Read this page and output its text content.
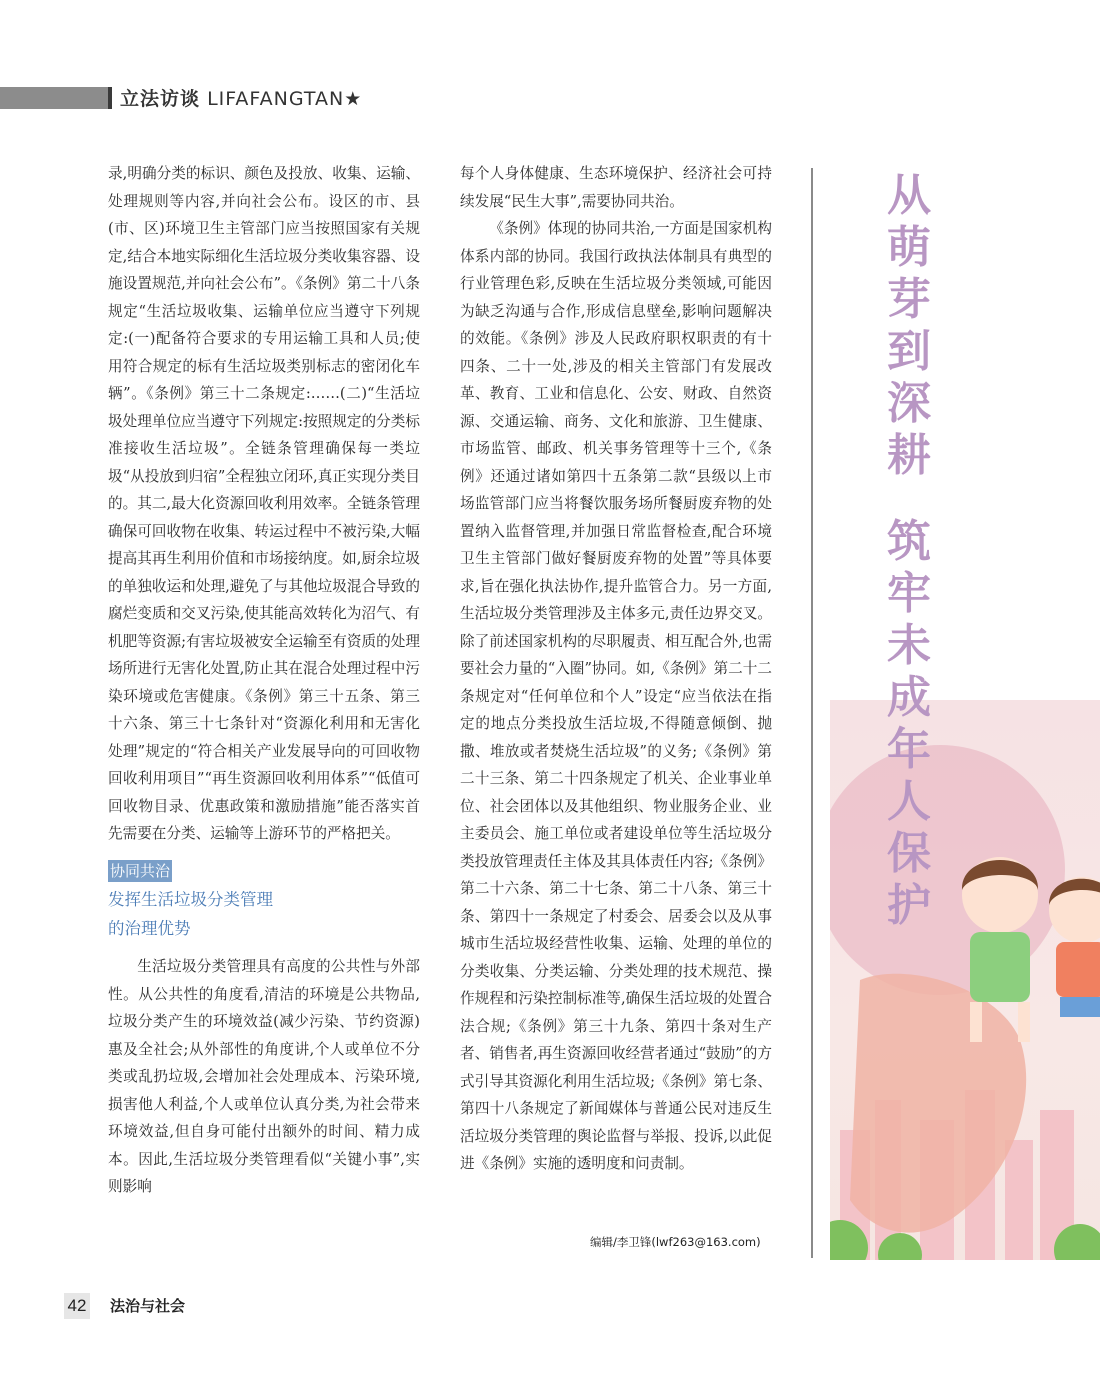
立法访谈 LIFAFANGTAN★

录,明确分类的标识、颜色及投放、收集、运输、处理规则等内容,并向社会公布。设区的市、县(市、区)环境卫生主管部门应当按照国家有关规定,结合本地实际细化生活垃圾分类收集容器、设施设置规范,并向社会公布”。《条例》第二十八条规定“生活垃圾收集、运输单位应当遵守下列规定:(一)配备符合要求的专用运输工具和人员;使用符合规定的标有生活垃圾类别标志的密闭化车辆”。《条例》第三十二条规定:……(二)“生活垃圾处理单位应当遵守下列规定:按照规定的分类标准接收生活垃圾”。全链条管理确保每一类垃圾“从投放到归宿”全程独立闭环,真正实现分类目的。其二,最大化资源回收利用效率。全链条管理确保可回收物在收集、转运过程中不被污染,大幅提高其再生利用价值和市场接纳度。如,厨余垃圾的单独收运和处理,避免了与其他垃圾混合导致的腐烂变质和交叉污染,使其能高效转化为沼气、有机肥等资源;有害垃圾被安全运输至有资质的处理场所进行无害化处置,防止其在混合处理过程中污染环境或危害健康。《条例》第三十五条、第三十六条、第三十七条针对“资源化利用和无害化处理”规定的“符合相关产业发展导向的可回收物回收利用项目”“再生资源回收利用体系”“低值可回收物目录、优惠政策和激励措施”能否落实首先需要在分类、运输等上游环节的严格把关。

协同共治
发挥生活垃圾分类管理
的治理优势

生活垃圾分类管理具有高度的公共性与外部性。从公共性的角度看,清洁的环境是公共物品,垃圾分类产生的环境效益(减少污染、节约资源)惠及全社会;从外部性的角度讲,个人或单位不分类或乱扔垃圾,会增加社会处理成本、污染环境,损害他人利益,个人或单位认真分类,为社会带来环境效益,但自身可能付出额外的时间、精力成本。因此,生活垃圾分类管理看似“关键小事”,实则影响

每个人身体健康、生态环境保护、经济社会可持续发展“民生大事”,需要协同共治。

《条例》体现的协同共治,一方面是国家机构体系内部的协同。我国行政执法体制具有典型的行业管理色彩,反映在生活垃圾分类领域,可能因为缺乏沟通与合作,形成信息壁垒,影响问题解决的效能。《条例》涉及人民政府职权职责的有十四条、二十一处,涉及的相关主管部门有发展改革、教育、工业和信息化、公安、财政、自然资源、交通运输、商务、文化和旅游、卫生健康、市场监管、邮政、机关事务管理等十三个,《条例》还通过诸如第四十五条第二款“县级以上市场监管部门应当将餐饮服务场所餐厨废弃物的处置纳入监督管理,并加强日常监督检查,配合环境卫生主管部门做好餐厨废弃物的处置”等具体要求,旨在强化执法协作,提升监管合力。另一方面,生活垃圾分类管理涉及主体多元,责任边界交叉。除了前述国家机构的尽职履责、相互配合外,也需要社会力量的“入圈”协同。如,《条例》第二十二条规定对“任何单位和个人”设定“应当依法在指定的地点分类投放生活垃圾,不得随意倾倒、抛撒、堆放或者焚烧生活垃圾”的义务;《条例》第二十三条、第二十四条规定了机关、企业事业单位、社会团体以及其他组织、物业服务企业、业主委员会、施工单位或者建设单位等生活垃圾分类投放管理责任主体及其具体责任内容;《条例》第二十六条、第二十七条、第二十八条、第三十条、第四十一条规定了村委会、居委会以及从事城市生活垃圾经营性收集、运输、处理的单位的分类收集、分类运输、分类处理的技术规范、操作规程和污染控制标准等,确保生活垃圾的处置合法合规;《条例》第三十九条、第四十条对生产者、销售者,再生资源回收经营者通过“鼓励”的方式引导其资源化利用生活垃圾;《条例》第七条、第四十八条规定了新闻媒体与普通公民对违反生活垃圾分类管理的舆论监督与举报、投诉,以此促进《条例》实施的透明度和问责制。

编辑/李卫锋(lwf263@163.com)
从萌芽到深耕
筑牢未成年人保护
42 法治与社会
